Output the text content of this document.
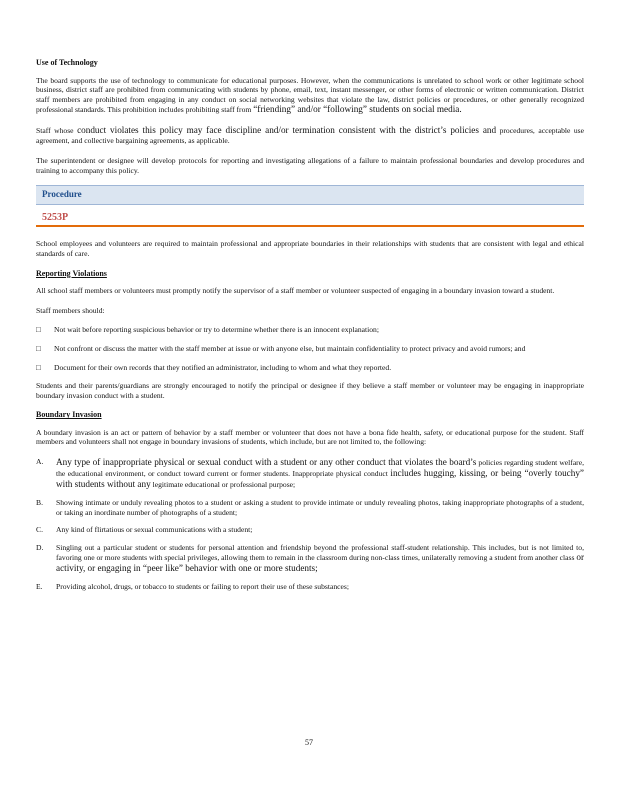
Use of Technology

The board supports the use of technology to communicate for educational purposes. However, when the communications is unrelated to school work or other legitimate school business, district staff are prohibited from communicating with students by phone, email, text, instant messenger, or other forms of electronic or written communication. District staff members are prohibited from engaging in any conduct on social networking websites that violate the law, district policies or procedures, or other generally recognized professional standards. This prohibition includes prohibiting staff from “friending” and/or “following” students on social media.

Staff whose conduct violates this policy may face discipline and/or termination consistent with the district’s policies and procedures, acceptable use agreement, and collective bargaining agreements, as applicable.

The superintendent or designee will develop protocols for reporting and investigating allegations of a failure to maintain professional boundaries and develop procedures and training to accompany this policy.

Procedure
5253P

School employees and volunteers are required to maintain professional and appropriate boundaries in their relationships with students that are consistent with legal and ethical standards of care.

Reporting Violations

All school staff members or volunteers must promptly notify the supervisor of a staff member or volunteer suspected of engaging in a boundary invasion toward a student.

Staff members should:

□	Not wait before reporting suspicious behavior or try to determine whether there is an innocent explanation;
□	Not confront or discuss the matter with the staff member at issue or with anyone else, but maintain confidentiality to protect privacy and avoid rumors; and
□	Document for their own records that they notified an administrator, including to whom and what they reported.

Students and their parents/guardians are strongly encouraged to notify the principal or designee if they believe a staff member or volunteer may be engaging in inappropriate boundary invasion conduct with a student.

Boundary Invasion

A boundary invasion is an act or pattern of behavior by a staff member or volunteer that does not have a bona fide health, safety, or educational purpose for the student. Staff members and volunteers shall not engage in boundary invasions of students, which include, but are not limited to, the following:

A.	Any type of inappropriate physical or sexual conduct with a student or any other conduct that violates the board’s policies regarding student welfare, the educational environment, or conduct toward current or former students. Inappropriate physical conduct includes hugging, kissing, or being “overly touchy” with students without any legitimate educational or professional purpose;
B.	Showing intimate or unduly revealing photos to a student or asking a student to provide intimate or unduly revealing photos, taking inappropriate photographs of a student, or taking an inordinate number of photographs of a student;
C.	Any kind of flirtatious or sexual communications with a student;
D.	Singling out a particular student or students for personal attention and friendship beyond the professional staff-student relationship. This includes, but is not limited to, favoring one or more students with special privileges, allowing them to remain in the classroom during non-class times, unilaterally removing a student from another class or activity, or engaging in “peer like” behavior with one or more students;
E.	Providing alcohol, drugs, or tobacco to students or failing to report their use of these substances;
57
